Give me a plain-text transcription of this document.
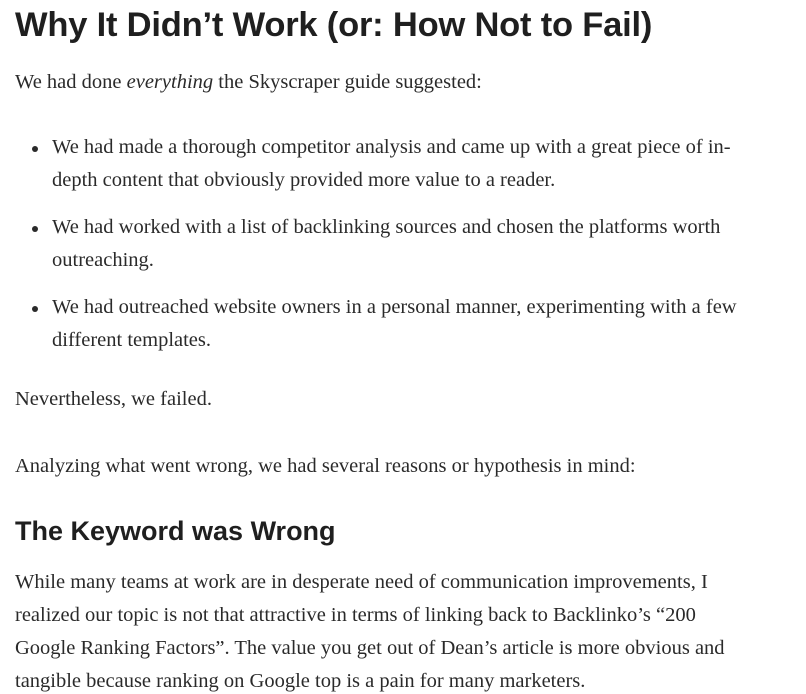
Why It Didn’t Work (or: How Not to Fail)

We had done everything the Skyscraper guide suggested:

We had made a thorough competitor analysis and came up with a great piece of in-depth content that obviously provided more value to a reader.
We had worked with a list of backlinking sources and chosen the platforms worth outreaching.
We had outreached website owners in a personal manner, experimenting with a few different templates.

Nevertheless, we failed.

Analyzing what went wrong, we had several reasons or hypothesis in mind:

The Keyword was Wrong

While many teams at work are in desperate need of communication improvements, I realized our topic is not that attractive in terms of linking back to Backlinko’s “200 Google Ranking Factors”. The value you get out of Dean’s article is more obvious and tangible because ranking on Google top is a pain for many marketers.
